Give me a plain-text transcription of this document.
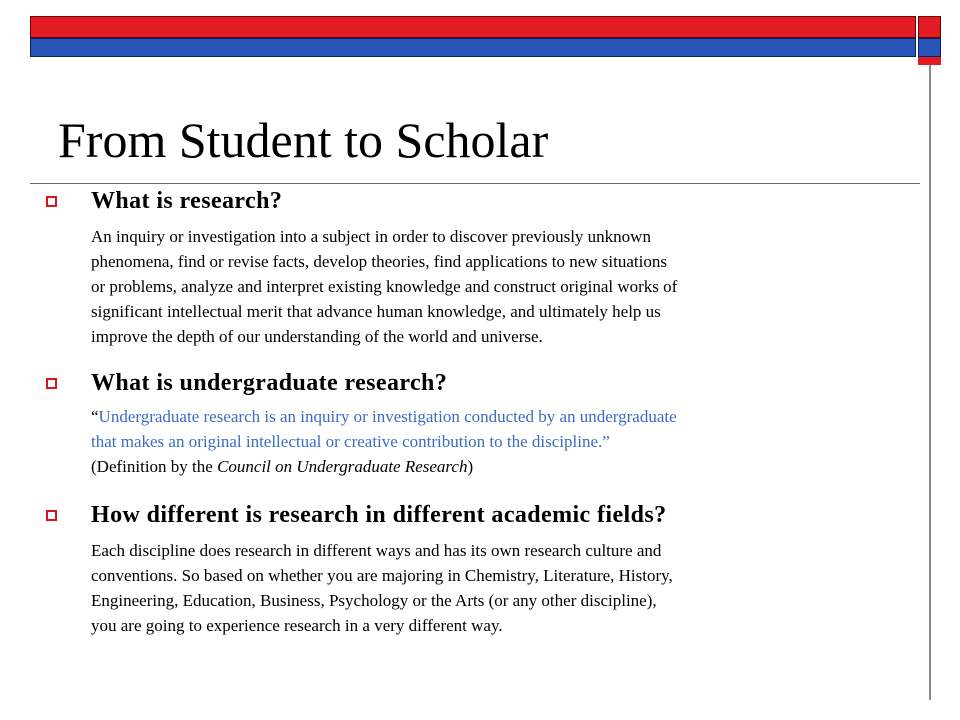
From Student to Scholar
What is research?

An inquiry or investigation into a subject in order to discover previously unknown
phenomena, find or revise facts, develop theories, find applications to new situations
or problems, analyze and interpret existing knowledge and construct original works of
significant intellectual merit that advance human knowledge, and ultimately help us
improve the depth of our understanding of the world and universe.

What is undergraduate research?

“Undergraduate research is an inquiry or investigation conducted by an undergraduate
that makes an original intellectual or creative contribution to the discipline.”
(Definition by the Council on Undergraduate Research)

How different is research in different academic fields?

Each discipline does research in different ways and has its own research culture and
conventions. So based on whether you are majoring in Chemistry, Literature, History,
Engineering, Education, Business, Psychology or the Arts (or any other discipline),
you are going to experience research in a very different way.
